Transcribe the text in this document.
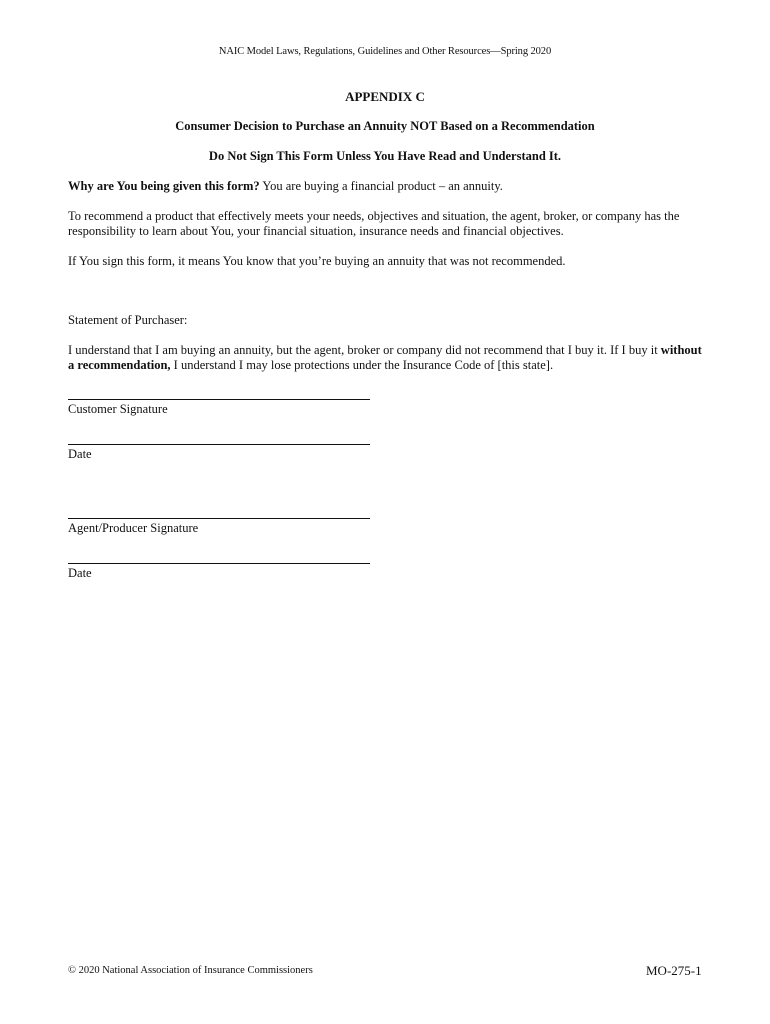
NAIC Model Laws, Regulations, Guidelines and Other Resources—Spring 2020
APPENDIX C
Consumer Decision to Purchase an Annuity NOT Based on a Recommendation
Do Not Sign This Form Unless You Have Read and Understand It.
Why are You being given this form? You are buying a financial product – an annuity.
To recommend a product that effectively meets your needs, objectives and situation, the agent, broker, or company has the responsibility to learn about You, your financial situation, insurance needs and financial objectives.
If You sign this form, it means You know that you’re buying an annuity that was not recommended.
Statement of Purchaser:
I understand that I am buying an annuity, but the agent, broker or company did not recommend that I buy it. If I buy it without a recommendation, I understand I may lose protections under the Insurance Code of [this state].
Customer Signature
Date
Agent/Producer Signature
Date
© 2020 National Association of Insurance Commissioners	MO-275-1
